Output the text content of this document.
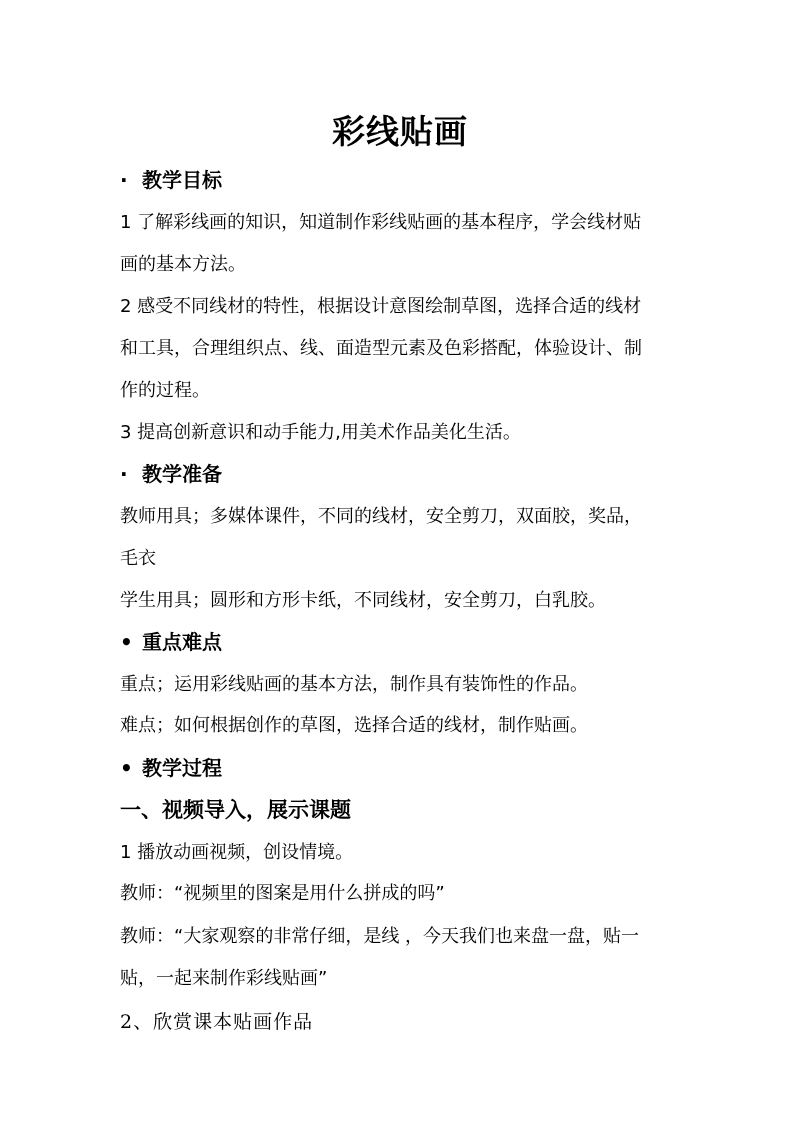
彩线贴画
· 教学目标
1 了解彩线画的知识，知道制作彩线贴画的基本程序，学会线材贴
画的基本方法。
2 感受不同线材的特性，根据设计意图绘制草图，选择合适的线材
和工具，合理组织点、线、面造型元素及色彩搭配，体验设计、制
作的过程。
3 提高创新意识和动手能力,用美术作品美化生活。
· 教学准备
教师用具；多媒体课件，不同的线材，安全剪刀，双面胶，奖品，
毛衣
学生用具；圆形和方形卡纸，不同线材，安全剪刀，白乳胶。
• 重点难点
重点；运用彩线贴画的基本方法，制作具有装饰性的作品。
难点；如何根据创作的草图，选择合适的线材，制作贴画。
• 教学过程
一、视频导入，展示课题
1 播放动画视频，创设情境。
教师：“视频里的图案是用什么拼成的吗”
教师：“大家观察的非常仔细，是线 ，今天我们也来盘一盘，贴一
贴，一起来制作彩线贴画”
2、欣赏课本贴画作品
